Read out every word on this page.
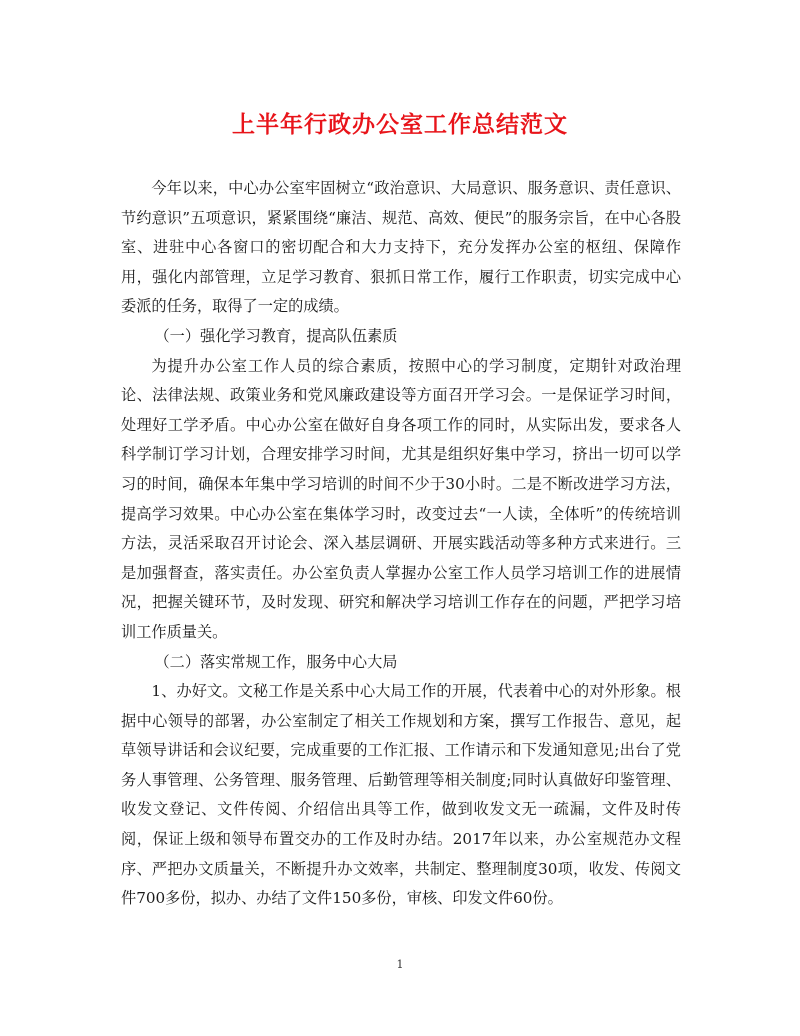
上半年行政办公室工作总结范文

今年以来，中心办公室牢固树立“政治意识、大局意识、服务意识、责任意识、节约意识”五项意识，紧紧围绕“廉洁、规范、高效、便民”的服务宗旨，在中心各股室、进驻中心各窗口的密切配合和大力支持下，充分发挥办公室的枢纽、保障作用，强化内部管理，立足学习教育、狠抓日常工作，履行工作职责，切实完成中心委派的任务，取得了一定的成绩。

（一）强化学习教育，提高队伍素质

为提升办公室工作人员的综合素质，按照中心的学习制度，定期针对政治理论、法律法规、政策业务和党风廉政建设等方面召开学习会。一是保证学习时间，处理好工学矛盾。中心办公室在做好自身各项工作的同时，从实际出发，要求各人科学制订学习计划，合理安排学习时间，尤其是组织好集中学习，挤出一切可以学习的时间，确保本年集中学习培训的时间不少于30小时。二是不断改进学习方法，提高学习效果。中心办公室在集体学习时，改变过去“一人读，全体听”的传统培训方法，灵活采取召开讨论会、深入基层调研、开展实践活动等多种方式来进行。三是加强督查，落实责任。办公室负责人掌握办公室工作人员学习培训工作的进展情况，把握关键环节，及时发现、研究和解决学习培训工作存在的问题，严把学习培训工作质量关。

（二）落实常规工作，服务中心大局

1、办好文。文秘工作是关系中心大局工作的开展，代表着中心的对外形象。根据中心领导的部署，办公室制定了相关工作规划和方案，撰写工作报告、意见，起草领导讲话和会议纪要，完成重要的工作汇报、工作请示和下发通知意见;出台了党务人事管理、公务管理、服务管理、后勤管理等相关制度;同时认真做好印鉴管理、收发文登记、文件传阅、介绍信出具等工作，做到收发文无一疏漏，文件及时传阅，保证上级和领导布置交办的工作及时办结。2017年以来，办公室规范办文程序、严把办文质量关，不断提升办文效率，共制定、整理制度30项，收发、传阅文件700多份，拟办、办结了文件150多份，审核、印发文件60份。

1
